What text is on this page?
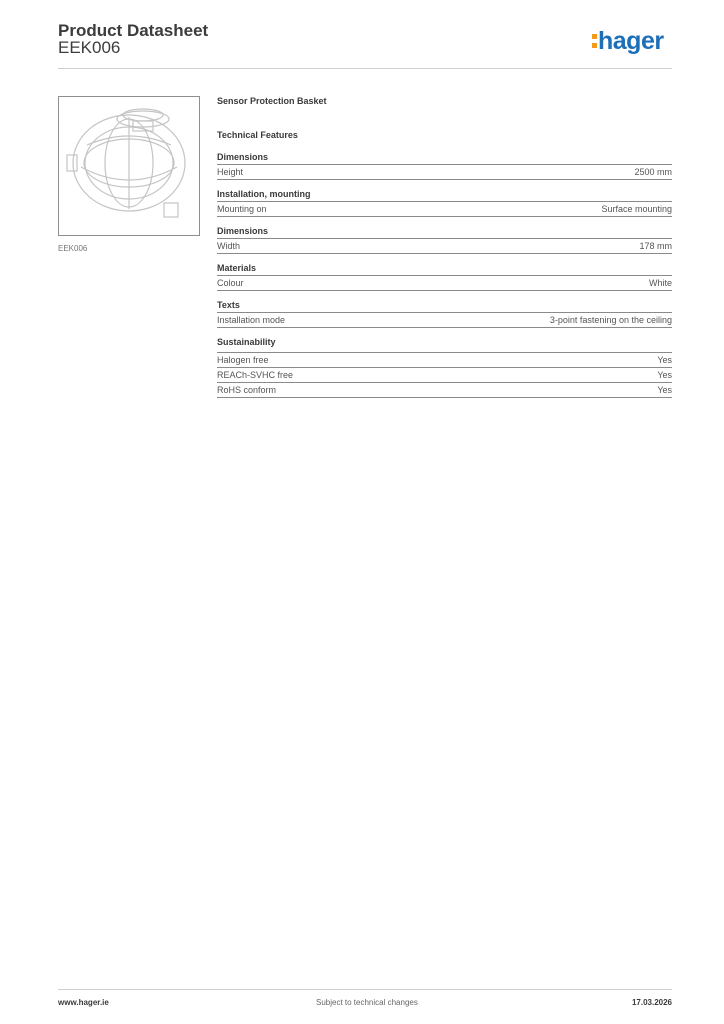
Product Datasheet
EEK006	hager
EEK006
Sensor Protection Basket
Technical Features
Dimensions
Height	2500 mm
Installation, mounting
Mounting on	Surface mounting
Dimensions
Width	178 mm
Materials
Colour	White
Texts
Installation mode	3-point fastening on the ceiling
Sustainability
Halogen free	Yes
REACh-SVHC free	Yes
RoHS conform	Yes
www.hager.ie	Subject to technical changes	17.03.2026
